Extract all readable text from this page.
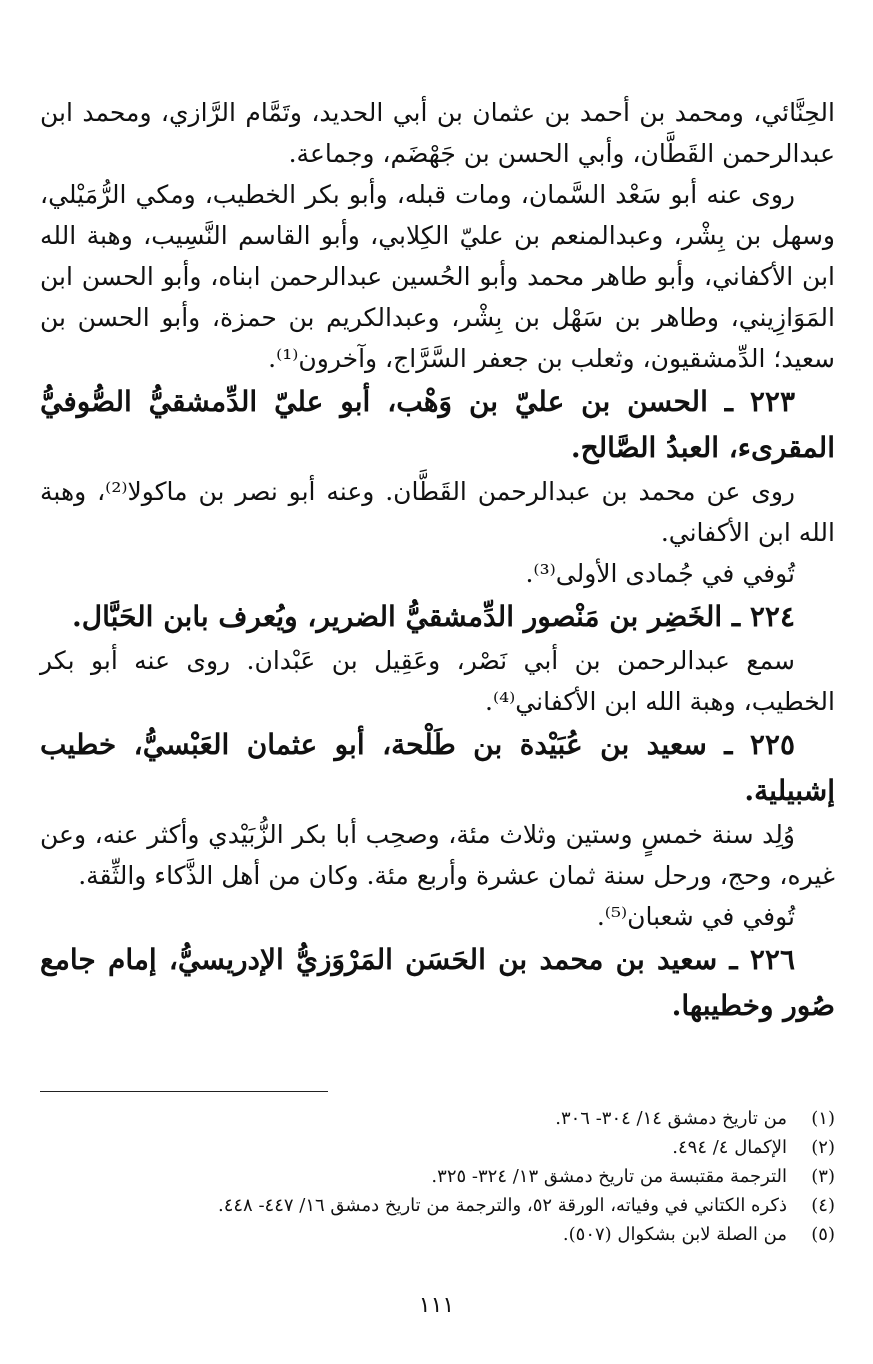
الحِنَّائي، ومحمد بن أحمد بن عثمان بن أبي الحديد، وتَمَّام الرَّازي، ومحمد ابن عبدالرحمن القَطَّان، وأبي الحسن بن جَهْضَم، وجماعة.

روى عنه أبو سَعْد السَّمان، ومات قبله، وأبو بكر الخطيب، ومكي الرُّمَيْلي، وسهل بن بِشْر، وعبدالمنعم بن عليّ الكِلابي، وأبو القاسم النَّسِيب، وهبة الله ابن الأكفاني، وأبو طاهر محمد وأبو الحُسين عبدالرحمن ابناه، وأبو الحسن ابن المَوَازِيني، وطاهر بن سَهْل بن بِشْر، وعبدالكريم بن حمزة، وأبو الحسن بن سعيد؛ الدِّمشقيون، وثعلب بن جعفر السَّرَّاج، وآخرون⁽¹⁾.

٢٢٣ ـ الحسن بن عليّ بن وَهْب، أبو عليّ الدِّمشقيُّ الصُّوفيُّ المقرىء، العبدُ الصَّالح.

روى عن محمد بن عبدالرحمن القَطَّان. وعنه أبو نصر بن ماكولا⁽²⁾، وهبة الله ابن الأكفاني.

تُوفي في جُمادى الأولى⁽³⁾.

٢٢٤ ـ الخَضِر بن مَنْصور الدِّمشقيُّ الضرير، ويُعرف بابن الحَبَّال.

سمع عبدالرحمن بن أبي نَصْر، وعَقِيل بن عَبْدان. روى عنه أبو بكر الخطيب، وهبة الله ابن الأكفاني⁽⁴⁾.

٢٢٥ ـ سعيد بن عُبَيْدة بن طَلْحة، أبو عثمان العَبْسيُّ، خطيب إشبيلية.

وُلِد سنة خمسٍ وستين وثلاث مئة، وصحِب أبا بكر الزُّبَيْدي وأكثر عنه، وعن غيره، وحج، ورحل سنة ثمان عشرة وأربع مئة. وكان من أهل الذَّكاء والثِّقة.

تُوفي في شعبان⁽⁵⁾.

٢٢٦ ـ سعيد بن محمد بن الحَسَن المَرْوَزيُّ الإدريسيُّ، إمام جامع صُور وخطيبها.

(١)
من تاريخ دمشق ١٤/ ٣٠٤- ٣٠٦.
(٢)
الإكمال ٤/ ٤٩٤.
(٣)
الترجمة مقتبسة من تاريخ دمشق ١٣/ ٣٢٤- ٣٢٥.
(٤)
ذكره الكتاني في وفياته، الورقة ٥٢، والترجمة من تاريخ دمشق ١٦/ ٤٤٧- ٤٤٨.
(٥)
من الصلة لابن بشكوال (٥٠٧).
١١١
